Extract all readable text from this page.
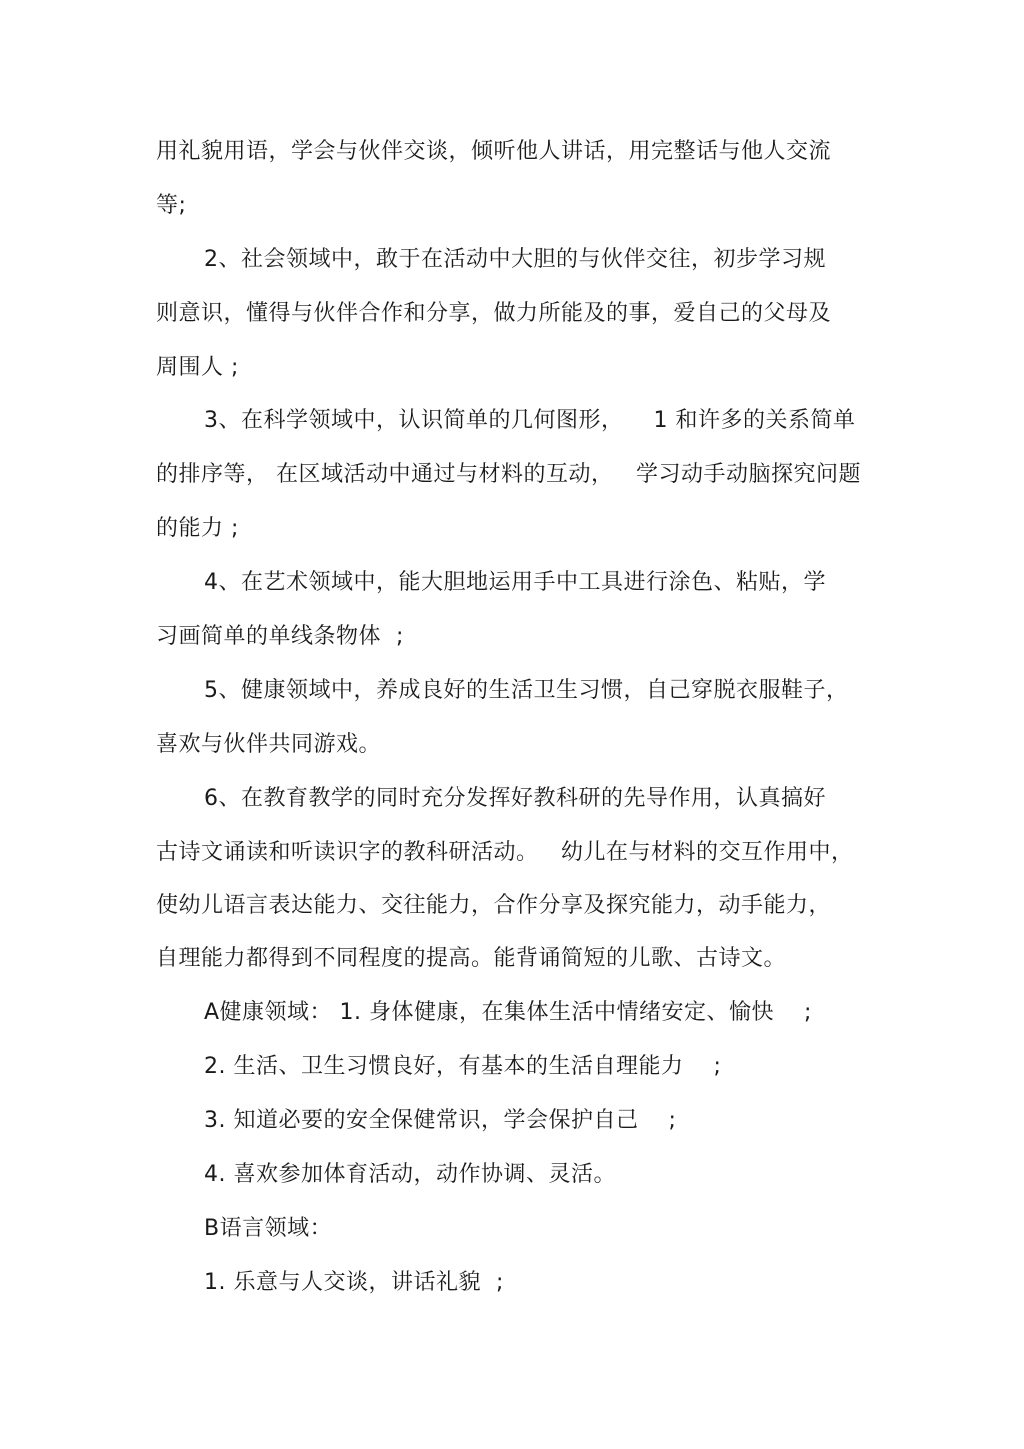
用礼貌用语，学会与伙伴交谈，倾听他人讲话，用完整话与他人交流
等;
2、社会领域中，敢于在活动中大胆的与伙伴交往，初步学习规
则意识，懂得与伙伴合作和分享，做力所能及的事，爱自己的父母及
周围人 ;
3、在科学领域中，认识简单的几何图形，    1 和许多的关系简单
的排序等， 在区域活动中通过与材料的互动，   学习动手动脑探究问题
的能力 ;
4、在艺术领域中，能大胆地运用手中工具进行涂色、粘贴，学
习画简单的单线条物体  ;
5、健康领域中，养成良好的生活卫生习惯，自己穿脱衣服鞋子，
喜欢与伙伴共同游戏。
6、在教育教学的同时充分发挥好教科研的先导作用，认真搞好
古诗文诵读和听读识字的教科研活动。   幼儿在与材料的交互作用中，
使幼儿语言表达能力、交往能力，合作分享及探究能力，动手能力，
自理能力都得到不同程度的提高。能背诵简短的儿歌、古诗文。
A健康领域： 1. 身体健康，在集体生活中情绪安定、愉快    ;
2. 生活、卫生习惯良好，有基本的生活自理能力    ;
3. 知道必要的安全保健常识，学会保护自己    ;
4. 喜欢参加体育活动，动作协调、灵活。
B语言领域：
1. 乐意与人交谈，讲话礼貌  ;
